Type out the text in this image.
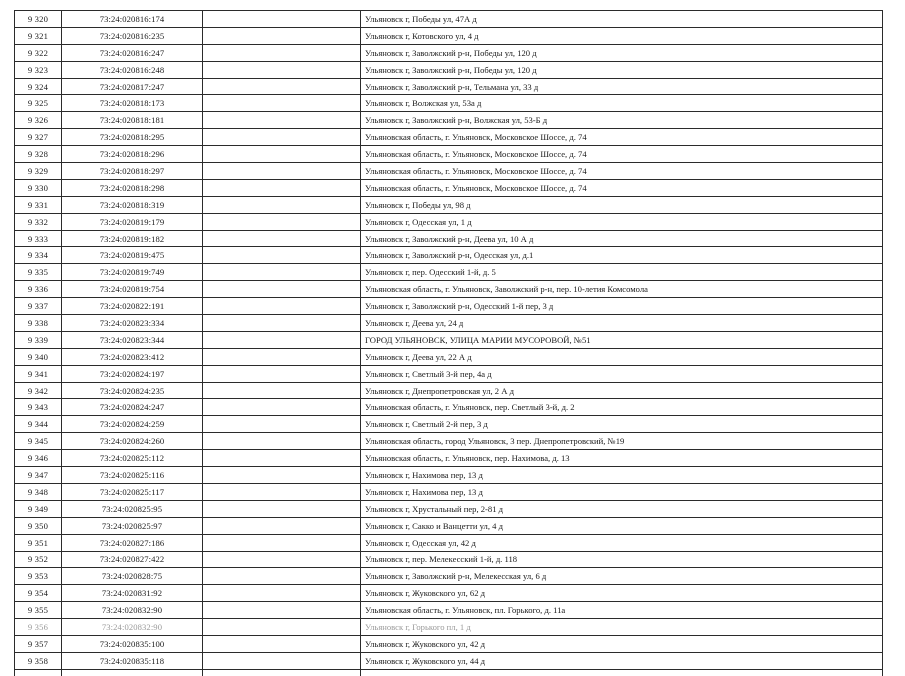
9 320	73:24:020816:174		Ульяновск г, Победы ул, 47А д
9 321	73:24:020816:235		Ульяновск г, Котовского ул, 4 д
9 322	73:24:020816:247		Ульяновск г, Заволжский р-н, Победы ул, 120 д
9 323	73:24:020816:248		Ульяновск г, Заволжский р-н, Победы ул, 120 д
9 324	73:24:020817:247		Ульяновск г, Заволжский р-н, Тельмана ул, 33 д
9 325	73:24:020818:173		Ульяновск г, Волжская ул, 53а д
9 326	73:24:020818:181		Ульяновск г, Заволжский р-н, Волжская ул, 53-Б д
9 327	73:24:020818:295		Ульяновская область, г. Ульяновск, Московское Шоссе, д. 74
9 328	73:24:020818:296		Ульяновская область, г. Ульяновск, Московское Шоссе, д. 74
9 329	73:24:020818:297		Ульяновская область, г. Ульяновск, Московское Шоссе, д. 74
9 330	73:24:020818:298		Ульяновская область, г. Ульяновск, Московское Шоссе, д. 74
9 331	73:24:020818:319		Ульяновск г, Победы ул, 98 д
9 332	73:24:020819:179		Ульяновск г, Одесская ул, 1 д
9 333	73:24:020819:182		Ульяновск г, Заволжский р-н, Деева ул, 10 А д
9 334	73:24:020819:475		Ульяновск г, Заволжский р-н, Одесская ул, д.1
9 335	73:24:020819:749		Ульяновск г, пер. Одесский 1-й, д. 5
9 336	73:24:020819:754		Ульяновская область, г. Ульяновск, Заволжский р-н, пер. 10-летия Комсомола
9 337	73:24:020822:191		Ульяновск г, Заволжский р-н, Одесский 1-й пер, 3 д
9 338	73:24:020823:334		Ульяновск г, Деева ул, 24 д
9 339	73:24:020823:344		ГОРОД УЛЬЯНОВСК, УЛИЦА МАРИИ МУСОРОВОЙ, №51
9 340	73:24:020823:412		Ульяновск г, Деева ул, 22 А д
9 341	73:24:020824:197		Ульяновск г, Светлый 3-й пер, 4а д
9 342	73:24:020824:235		Ульяновск г, Днепропетровская ул, 2 А д
9 343	73:24:020824:247		Ульяновская область, г. Ульяновск, пер. Светлый 3-й, д. 2
9 344	73:24:020824:259		Ульяновск г, Светлый 2-й пер, 3 д
9 345	73:24:020824:260		Ульяновская область, город Ульяновск, 3 пер. Днепропетровский, №19
9 346	73:24:020825:112		Ульяновская область, г. Ульяновск, пер. Нахимова, д. 13
9 347	73:24:020825:116		Ульяновск г, Нахимова пер, 13 д
9 348	73:24:020825:117		Ульяновск г, Нахимова пер, 13 д
9 349	73:24:020825:95		Ульяновск г, Хрустальный пер, 2-81 д
9 350	73:24:020825:97		Ульяновск г, Сакко и Ванцетти ул, 4 д
9 351	73:24:020827:186		Ульяновск г, Одесская ул, 42 д
9 352	73:24:020827:422		Ульяновск г, пер. Мелекесский 1-й, д. 118
9 353	73:24:020828:75		Ульяновск г, Заволжский р-н, Мелекесская ул, 6 д
9 354	73:24:020831:92		Ульяновск г, Жуковского ул, 62 д
9 355	73:24:020832:90		Ульяновская область, г. Ульяновск, пл. Горького, д. 11а
9 356	73:24:020832:90		Ульяновск г, Горького пл, 1 д
9 357	73:24:020835:100		Ульяновск г, Жуковского ул, 42 д
9 358	73:24:020835:118		Ульяновск г, Жуковского ул, 44 д
